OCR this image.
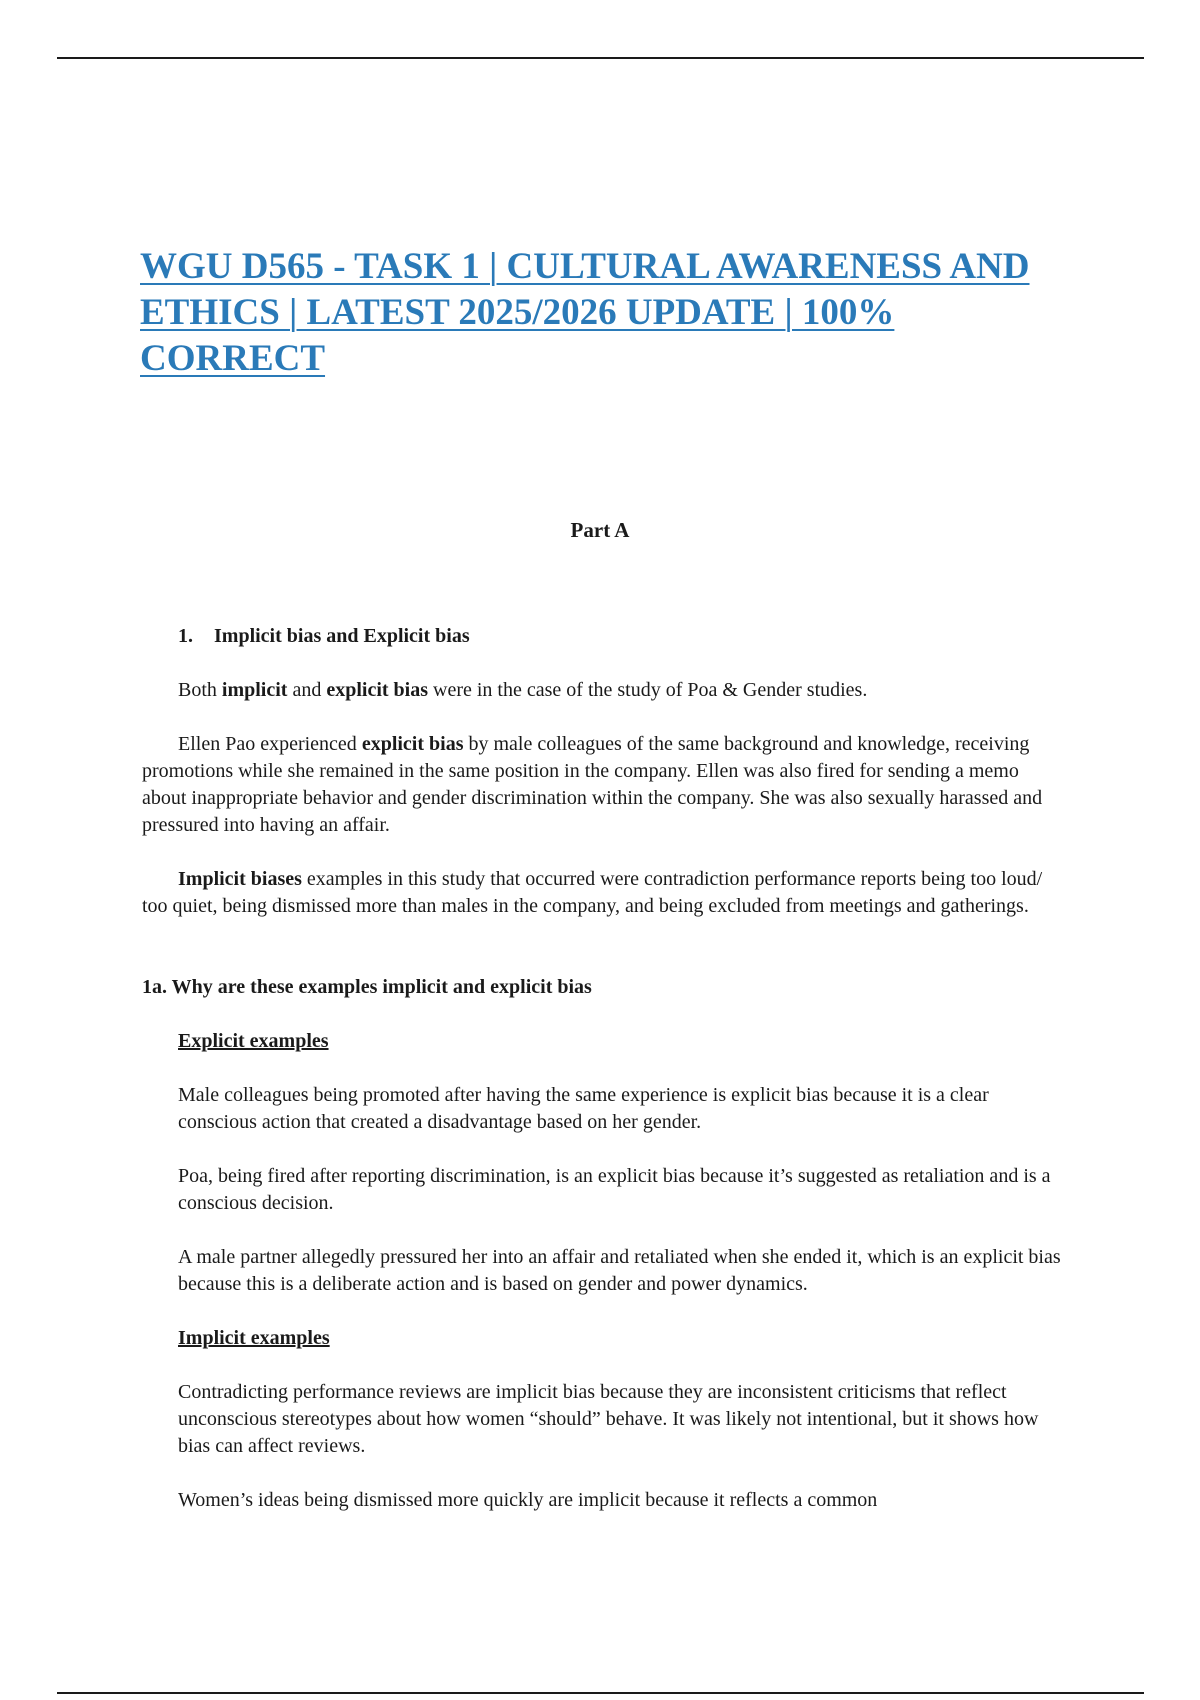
WGU D565 - TASK 1 | CULTURAL AWARENESS AND ETHICS | LATEST 2025/2026 UPDATE | 100% CORRECT
Part A
1. Implicit bias and Explicit bias

Both implicit and explicit bias were in the case of the study of Poa & Gender studies.

Ellen Pao experienced explicit bias by male colleagues of the same background and knowledge, receiving promotions while she remained in the same position in the company. Ellen was also fired for sending a memo about inappropriate behavior and gender discrimination within the company. She was also sexually harassed and pressured into having an affair.

Implicit biases examples in this study that occurred were contradiction performance reports being too loud/ too quiet, being dismissed more than males in the company, and being excluded from meetings and gatherings.

1a. Why are these examples implicit and explicit bias
Explicit examples

Male colleagues being promoted after having the same experience is explicit bias because it is a clear conscious action that created a disadvantage based on her gender.

Poa, being fired after reporting discrimination, is an explicit bias because it’s suggested as retaliation and is a conscious decision.

A male partner allegedly pressured her into an affair and retaliated when she ended it, which is an explicit bias because this is a deliberate action and is based on gender and power dynamics.

Implicit examples

Contradicting performance reviews are implicit bias because they are inconsistent criticisms that reflect unconscious stereotypes about how women “should” behave. It was likely not intentional, but it shows how bias can affect reviews.

Women’s ideas being dismissed more quickly are implicit because it reflects a common
